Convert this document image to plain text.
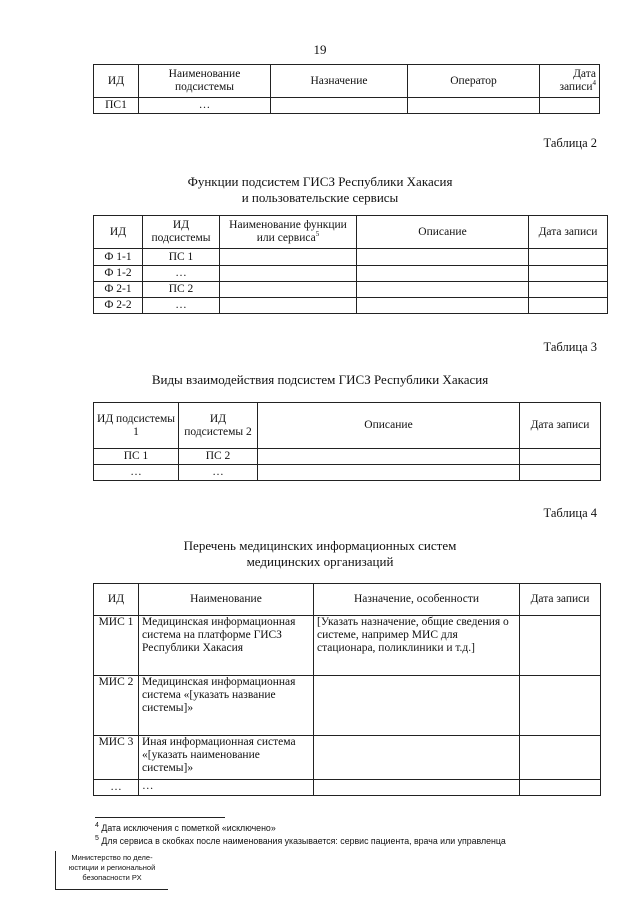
19
ИД	Наименование подсистемы	Назначение	Оператор	Дата записи$^4$
ПС1	…			
Таблица 2
Функции подсистем ГИСЗ Республики Хакасия
и пользовательские сервисы
ИД	ИД подсистемы	Наименование функции или сервиса$^5$	Описание	Дата записи
Ф 1-1	ПС 1			
Ф 1-2	…			
Ф 2-1	ПС 2			
Ф 2-2	…			
Таблица 3
Виды взаимодействия подсистем ГИСЗ Республики Хакасия
ИД подсистемы 1	ИД подсистемы 2	Описание	Дата записи
ПС 1	ПС 2		
…	…		
Таблица 4
Перечень медицинских информационных систем
медицинских организаций
ИД	Наименование	Назначение, особенности	Дата записи
МИС 1	Медицинская информационная система на платформе ГИСЗ Республики Хакасия	[Указать назначение, общие сведения о системе, например МИС для стационара, поликлиники и т.д.]	
МИС 2	Медицинская информационная система «[указать название системы]»		
МИС 3	Иная информационная система «[указать наименование системы]»		
…	…		
$^4$ Дата исключения с пометкой «исключено»
$^5$ Для сервиса в скобках после наименования указывается: сервис пациента, врача или управленца
Министерство по деле-
юстиции и региональной
безопасности РХ
